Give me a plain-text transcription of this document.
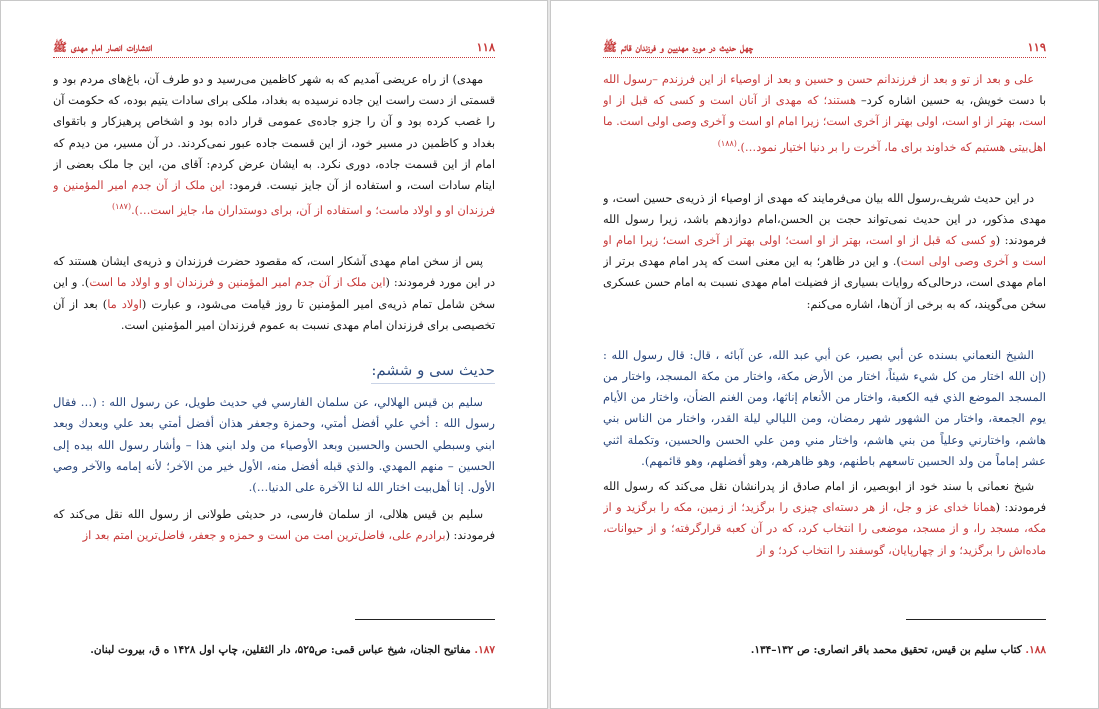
۱۱۸
انتشارات انصار امام مهدی ﷺ

مهدی) از راه عریضی آمدیم که به شهر کاظمین می‌رسید و دو طرف آن، باغ‌های مردم بود و قسمتی از دست راست این جاده نرسیده به بغداد، ملکی برای سادات یتیم بوده، که حکومت آن را غصب کرده بود و آن را جزو جاده‌ی عمومی قرار داده بود و اشخاص پرهیزکار و باتقوای بغداد و کاظمین در مسیر خود، از این قسمت جاده عبور نمی‌کردند. در آن مسیر، من دیدم که امام از این قسمت جاده، دوری نکرد. به ایشان عرض کردم: آقای من، این جا ملک بعضی از ایتام سادات است، و استفاده از آن جایز نیست. فرمود: این ملک از آن جدم امیر المؤمنین و فرزندان او و اولاد ماست؛ و استفاده از آن، برای دوستداران ما، جایز است…).$^{(۱۸۷)}$

پس از سخن امام مهدی آشکار است، که مقصود حضرت فرزندان و ذریه‌ی ایشان هستند که در این مورد فرمودند: (این ملک از آن جدم امیر المؤمنین و فرزندان او و اولاد ما است). و این سخن شامل تمام ذریه‌ی امیر المؤمنین تا روز قیامت می‌شود، و عبارت (اولاد ما) بعد از آن تخصیصی برای فرزندان امام مهدی نسبت به عموم فرزندان امیر المؤمنین است.

حدیث سی و ششم:

سليم بن قيس الهلالي، عن سلمان الفارسي في حديث طويل، عن رسول الله : (… فقال رسول الله : أخي علي أفضل أمتي، وحمزة وجعفر هذان أفضل أمتي بعد علي وبعدك وبعد ابني وسبطي الحسن والحسين وبعد الأوصياء من ولد ابني هذا – وأشار رسول الله بيده إلى الحسين – منهم المهدي. والذي قبله أفضل منه، الأول خير من الآخر؛ لأنه إمامه والآخر وصي الأول. إنا أهل‌بيت اختار الله لنا الآخرة على الدنيا…).

سلیم بن قیس هلالی، از سلمان فارسی، در حدیثی طولانی از رسول الله نقل می‌کند که فرمودند: (برادرم علی، فاضل‌ترین امت من است و حمزه و جعفر، فاضل‌ترین امتم بعد از

۱۸۷. مفاتیح الجنان، شیخ عباس قمی: ص۵۲۵، دار الثقلین، چاپ اول ۱۴۲۸ ه ق، بیروت لبنان.
۱۱۹
چهل حدیث در مورد مهدیین و فرزندان قائم ﷺ

علی و بعد از تو و بعد از فرزندانم حسن و حسین و بعد از اوصیاء از این فرزندم –رسول الله با دست خویش، به حسین اشاره کرد– هستند؛ که مهدی از آنان است و کسی که قبل از او است، بهتر از او است، اولی بهتر از آخری است؛ زیرا امام او است و آخری وصی اولی است. ما اهل‌بیتی هستیم که خداوند برای ما، آخرت را بر دنیا اختیار نمود…).$^{(۱۸۸)}$

در این حدیث شریف،رسول الله بیان می‌فرمایند که مهدی از اوصیاء از ذریه‌ی حسین است، و مهدی مذکور، در این حدیث نمی‌تواند حجت بن الحسن،امام دوازدهم باشد، زیرا رسول الله فرمودند: (و کسی که قبل از او است، بهتر از او است؛ اولی بهتر از آخری است؛ زیرا امام او است و آخری وصی اولی است). و این در ظاهر؛ به این معنی است که پدر امام مهدی برتر از امام مهدی است، درحالی‌که روایات بسیاری از فضیلت امام مهدی نسبت به امام حسن عسکری سخن می‌گویند، که به برخی از آن‌ها، اشاره می‌کنم:

الشيخ النعماني بسنده عن أبي بصير، عن أبي عبد الله، عن آبائه ، قال: قال رسول الله : (إن الله اختار من كل شيء شيئاً، اختار من الأرض مكة، واختار من مكة المسجد، واختار من المسجد الموضع الذي فيه الكعبة، واختار من الأنعام إناثها، ومن الغنم الضأن، واختار من الأيام يوم الجمعة، واختار من الشهور شهر رمضان، ومن الليالي ليلة القدر، واختار من الناس بني هاشم، واختارني وعلياً من بني هاشم، واختار مني ومن علي الحسن والحسين، وتكملة اثني عشر إماماً من ولد الحسين تاسعهم باطنهم، وهو ظاهرهم، وهو أفضلهم، وهو قائمهم).

شیخ نعمانی با سند خود از ابوبصیر، از امام صادق از پدرانشان نقل می‌کند که رسول الله فرمودند: (همانا خدای عز و جل، از هر دسته‌ای چیزی را برگزید؛ از زمین، مکه را برگزید و از مکه، مسجد را، و از مسجد، موضعی را انتخاب کرد، که در آن کعبه قرارگرفته؛ و از حیوانات، ماده‌اش را برگزید؛ و از چهارپایان، گوسفند را انتخاب کرد؛ و از

۱۸۸. کتاب سلیم بن قیس، تحقیق محمد باقر انصاری: ص ۱۳۲–۱۳۴.
